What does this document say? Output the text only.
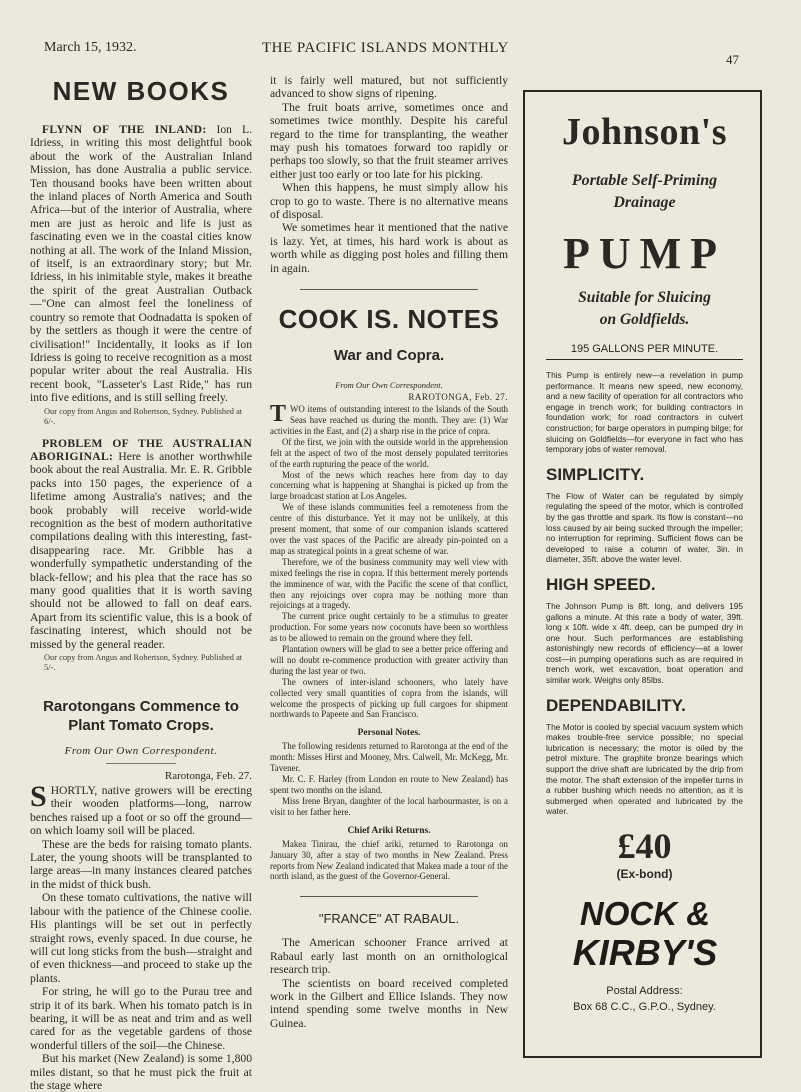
March 15, 1932.	THE PACIFIC ISLANDS MONTHLY
47
NEW BOOKS

FLYNN OF THE INLAND: Ion L. Idriess, in writing this most delightful book about the work of the Australian Inland Mission, has done Australia a public service. Ten thousand books have been written about the inland places of North America and South Africa—but of the interior of Australia, where men are just as heroic and life is just as fascinating even we in the coastal cities know nothing at all. The work of the Inland Mission, of itself, is an extraordinary story; but Mr. Idriess, in his inimitable style, makes it breathe the spirit of the great Australian Outback—"One can almost feel the loneliness of country so remote that Oodnadatta is spoken of by the settlers as though it were the centre of civilisation!" Incidentally, it looks as if Ion Idriess is going to receive recognition as a most popular writer about the real Australia. His recent book, "Lasseter's Last Ride," has run into five editions, and is still selling freely.

Our copy from Angus and Robertson, Sydney. Published at 6/-.

PROBLEM OF THE AUSTRALIAN ABORIGINAL: Here is another worthwhile book about the real Australia. Mr. E. R. Gribble packs into 150 pages, the experience of a lifetime among Australia's natives; and the book probably will receive world-wide recognition as the best of modern authoritative compilations dealing with this interesting, fast-disappearing race. Mr. Gribble has a wonderfully sympathetic understanding of the black-fellow; and his plea that the race has so many good qualities that it is worth saving should not be allowed to fall on deaf ears. Apart from its scientific value, this is a book of fascinating interest, which should not be missed by the general reader.

Our copy from Angus and Robertson, Sydney. Published at 5/-.

Rarotongans Commence to Plant Tomato Crops.

From Our Own Correspondent.

Rarotonga, Feb. 27.

SHORTLY, native growers will be erecting their wooden platforms—long, narrow benches raised up a foot or so off the ground—on which loamy soil will be placed.

These are the beds for raising tomato plants. Later, the young shoots will be transplanted to large areas—in many instances cleared patches in the midst of thick bush.

On these tomato cultivations, the native will labour with the patience of the Chinese coolie. His plantings will be set out in perfectly straight rows, evenly spaced. In due course, he will cut long sticks from the bush—straight and of even thickness—and proceed to stake up the plants.

For string, he will go to the Purau tree and strip it of its bark. When his tomato patch is in bearing, it will be as neat and trim and as well cared for as the vegetable gardens of those wonderful tillers of the soil—the Chinese.

But his market (New Zealand) is some 1,800 miles distant, so that he must pick the fruit at the stage where

it is fairly well matured, but not sufficiently advanced to show signs of ripening.

The fruit boats arrive, sometimes once and sometimes twice monthly. Despite his careful regard to the time for transplanting, the weather may push his tomatoes forward too rapidly or perhaps too slowly, so that the fruit steamer arrives either just too early or too late for his picking.

When this happens, he must simply allow his crop to go to waste. There is no alternative means of disposal.

We sometimes hear it mentioned that the native is lazy. Yet, at times, his hard work is about as worth while as digging post holes and filling them in again.

COOK IS. NOTES
War and Copra.

From Our Own Correspondent.

RAROTONGA, Feb. 27.

TWO items of outstanding interest to the Islands of the South Seas have reached us during the month. They are: (1) War activities in the East, and (2) a sharp rise in the price of copra.

Of the first, we join with the outside world in the apprehension felt at the aspect of two of the most densely populated territories of the earth rupturing the peace of the world.

Most of the news which reaches here from day to day concerning what is happening at Shanghai is picked up from the large broadcast station at Los Angeles.

We of these islands communities feel a remoteness from the centre of this disturbance. Yet it may not be unlikely, at this present moment, that some of our companion islands scattered over the vast spaces of the Pacific are already pin-pointed on a map as strategical points in a great scheme of war.

Therefore, we of the business community may well view with mixed feelings the rise in copra. If this betterment merely portends the imminence of war, with the Pacific the scene of that conflict, then any rejoicings over copra may be nothing more than rejoicings at a tragedy.

The current price ought certainly to be a stimulus to greater production. For some years now coconuts have been so worthless as to be allowed to remain on the ground where they fell.

Plantation owners will be glad to see a better price offering and will no doubt re-commence production with greater activity than during the last year or two.

The owners of inter-island schooners, who lately have collected very small quantities of copra from the islands, will welcome the prospects of picking up full cargoes for shipment northwards to Papeete and San Francisco.

Personal Notes.

The following residents returned to Rarotonga at the end of the month: Misses Hirst and Mooney, Mrs. Calwell, Mr. McKegg, Mr. Tavener.

Mr. C. F. Harley (from London en route to New Zealand) has spent two months on the island.

Miss Irene Bryan, daughter of the local harbourmaster, is on a visit to her father here.

Chief Ariki Returns.

Makea Tinirau, the chief ariki, returned to Rarotonga on January 30, after a stay of two months in New Zealand. Press reports from New Zealand indicated that Makea made a tour of the north island, as the guest of the Governor-General.

"FRANCE" AT RABAUL.

The American schooner France arrived at Rabaul early last month on an ornithological research trip.

The scientists on board received completed work in the Gilbert and Ellice Islands. They now intend spending some twelve months in New Guinea.

Johnson's

Portable Self-Priming

Drainage

PUMP

Suitable for Sluicing
on Goldfields.

195 GALLONS PER MINUTE.

This Pump is entirely new—a revelation in pump performance. It means new speed, new economy, and a new facility of operation for all contractors who engage in trench work; for building contractors in foundation work; for road contractors in culvert construction; for barge operators in pumping bilge; for sluicing on Goldfields—for everyone in fact who has temporary jobs of water removal.

SIMPLICITY.

The Flow of Water can be regulated by simply regulating the speed of the motor, which is controlled by the gas throttle and spark. Its flow is constant—no loss caused by air being sucked through the impeller; no interruption for repriming. Sufficient flows can be developed to raise a column of water, 3in. in diameter, 35ft. above the water level.

HIGH SPEED.

The Johnson Pump is 8ft. long, and delivers 195 gallons a minute. At this rate a body of water, 39ft. long x 10ft. wide x 4ft. deep, can be pumped dry in one hour. Such performances are establishing astonishingly new records of efficiency—at a lower cost—in pumping operations such as are required in trench work, wet excavation, boat operation and similar work. Weighs only 85lbs.

DEPENDABILITY.

The Motor is cooled by special vacuum system which makes trouble-free service possible; no special lubrication is necessary; the motor is oiled by the petrol mixture. The graphite bronze bearings which support the drive shaft are lubricated by the drip from the motor. The shaft extension of the impeller turns in a rubber bushing which needs no attention, as it is submerged when operated and lubricated by the water.

£40
(Ex-bond)
NOCK &
KIRBY'S

Postal Address:
Box 68 C.C., G.P.O., Sydney.
